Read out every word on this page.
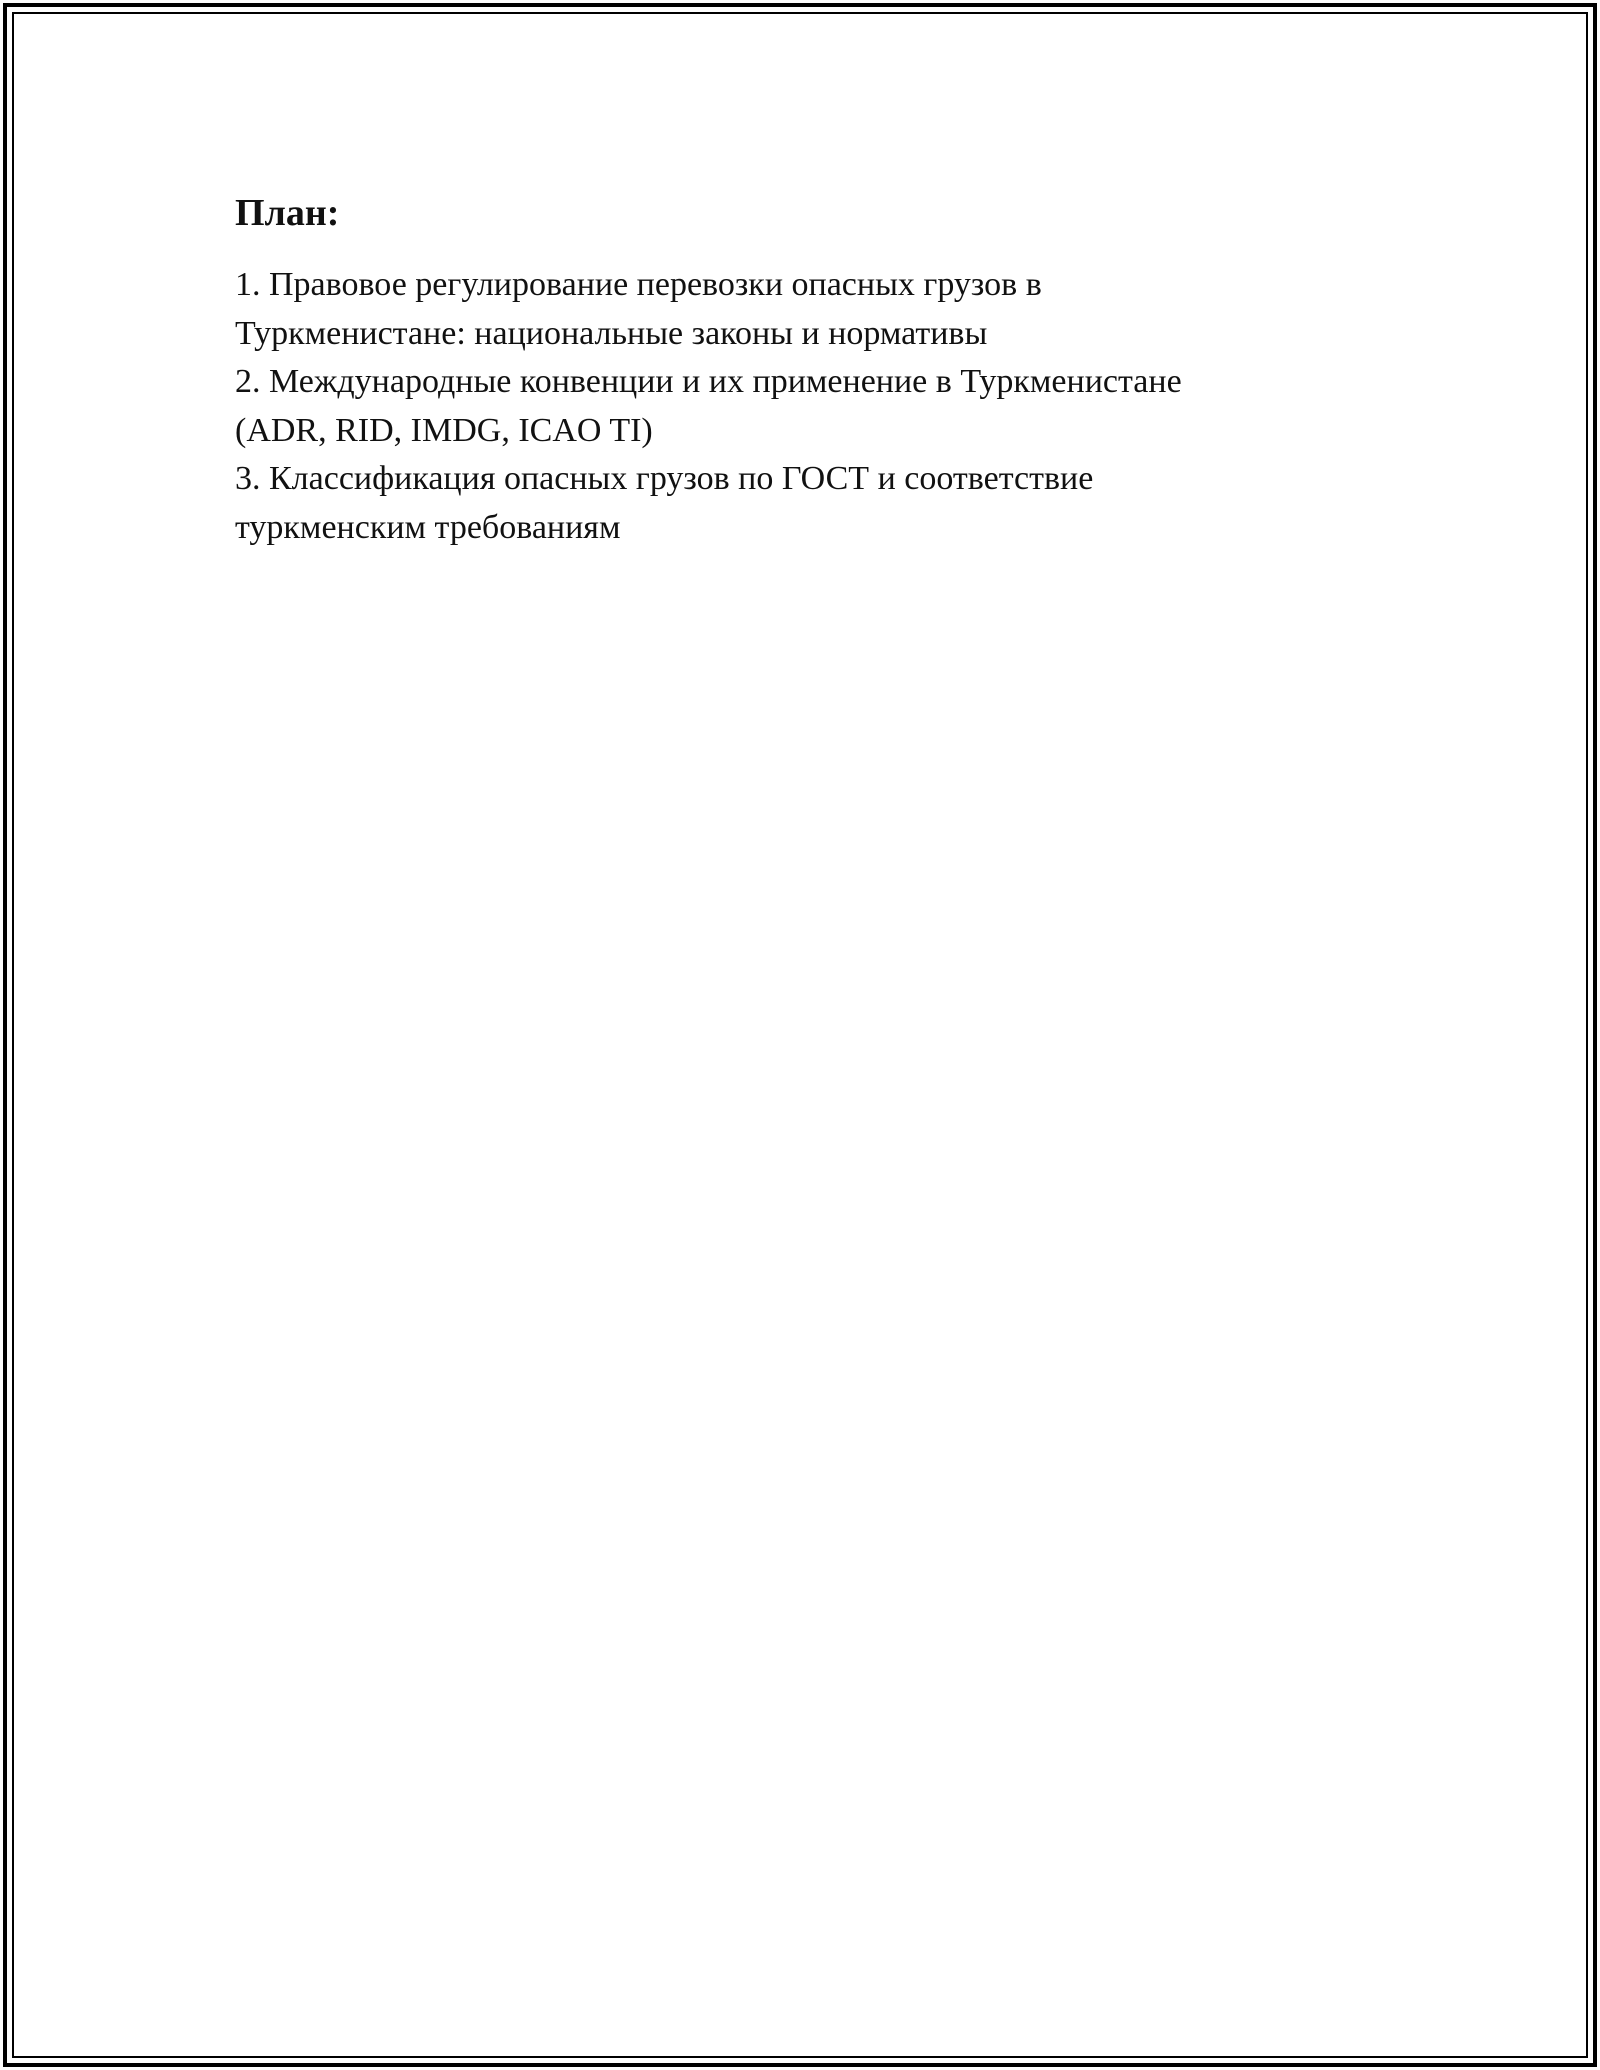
План:
1. Правовое регулирование перевозки опасных грузов в
Туркменистане: национальные законы и нормативы
2. Международные конвенции и их применение в Туркменистане
(ADR, RID, IMDG, ICAO TI)
3. Классификация опасных грузов по ГОСТ и соответствие
туркменским требованиям
